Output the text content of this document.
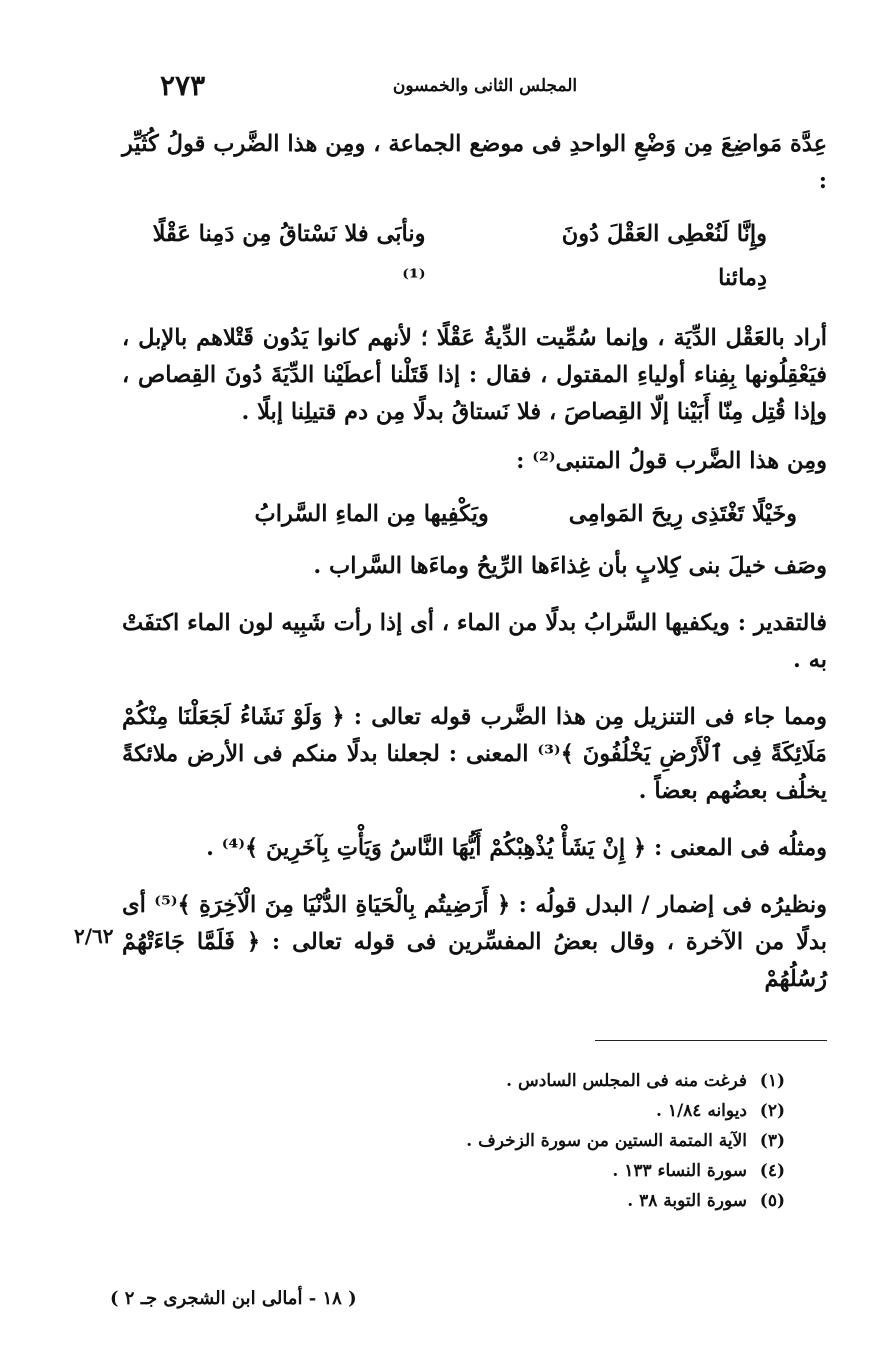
٢٧٣	المجلس الثانى والخمسون

عِدَّة مَواضِعَ مِن وَضْعِ الواحدِ فى موضع الجماعة ، ومِن هذا الضَّرب قولُ كُثَيِّر :

وإِنَّا لَنُعْطِى العَقْلَ دُونَ دِمائنا
ونأبَى فلا نَسْتاقُ مِن دَمِنا عَقْلًا ⁽¹⁾

أراد بالعَقْل الدِّيَة ، وإنما سُمِّيت الدِّيةُ عَقْلًا ؛ لأنهم كانوا يَدُون قَتْلاهم بالإبل ، فيَعْقِلُونها بِفِناء أولياءِ المقتول ، فقال : إذا قَتَلْنا أعطَيْنا الدِّيَةَ دُونَ القِصاص ، وإذا قُتِل مِنّا أَبَيْنا إلّا القِصاصَ ، فلا نَستاقُ بدلًا مِن دم قتيلِنا إبلًا .

ومِن هذا الضَّرب قولُ المتنبى⁽²⁾ :

وخَيْلًا تَغْتَذِى رِيحَ المَوامِى
ويَكْفِيها مِن الماءِ السَّرابُ

وصَف خيلَ بنى كِلابٍ بأن غِذاءَها الرِّيحُ وماءَها السَّراب .

فالتقدير : ويكفيها السَّرابُ بدلًا من الماء ، أى إذا رأت شَبِيه لون الماء اكتفَتْ به .

ومما جاء فى التنزيل مِن هذا الضَّرب قوله تعالى : ﴿ وَلَوْ نَشَاءُ لَجَعَلْنَا مِنْكُمْ مَلَائِكَةً فِى ٱلْأَرْضِ يَخْلُفُونَ ﴾⁽³⁾ المعنى : لجعلنا بدلًا منكم فى الأرض ملائكةً يخلُف بعضُهم بعضاً .

ومثلُه فى المعنى : ﴿ إِنْ يَشَأْ يُذْهِبْكُمْ أَيُّهَا النَّاسُ وَيَأْتِ بِآخَرِينَ ﴾⁽⁴⁾ .

ونظيرُه فى إضمار / البدل قولُه : ﴿ أَرَضِيتُم بِالْحَيَاةِ الدُّنْيَا مِنَ الْآخِرَةِ ﴾⁽⁵⁾ أى بدلًا من الآخرة ، وقال بعضُ المفسِّرين فى قوله تعالى : ﴿ فَلَمَّا جَاءَتْهُمْ رُسُلُهُمْ

٢/٦٢
(١)
فرغت منه فى المجلس السادس .
(٢)
ديوانه ١/٨٤ .
(٣)
الآية المتمة الستين من سورة الزخرف .
(٤)
سورة النساء ١٣٣ .
(٥)
سورة التوبة ٣٨ .
( ١٨ - أمالى ابن الشجرى جـ ٢ )
